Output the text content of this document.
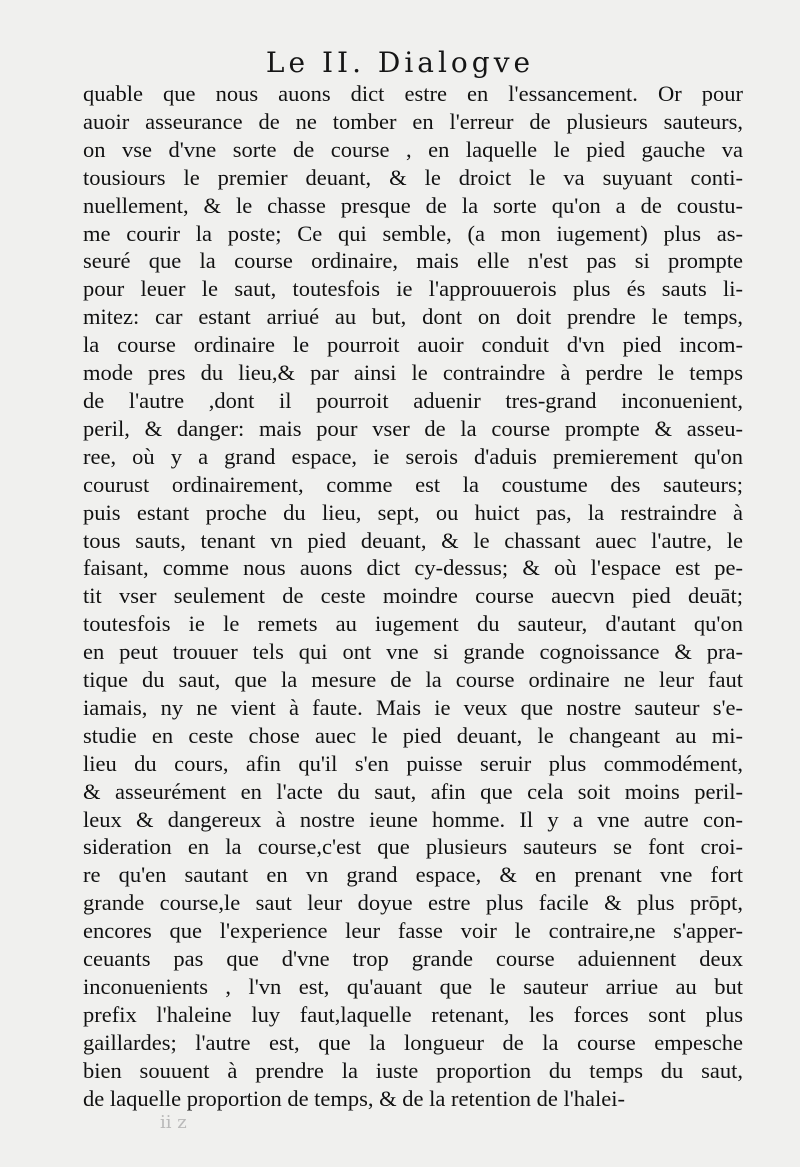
Le II. Dialogve
quable que nous auons dict estre en l'essancement. Or pour
auoir asseurance de ne tomber en l'erreur de plusieurs sauteurs,
on vse d'vne sorte de course , en laquelle le pied gauche va
tousiours le premier deuant, & le droict le va suyuant conti-
nuellement, & le chasse presque de la sorte qu'on a de coustu-
me courir la poste; Ce qui semble, (a mon iugement) plus as-
seuré que la course ordinaire, mais elle n'est pas si prompte
pour leuer le saut, toutesfois ie l'approuuerois plus és sauts li-
mitez: car estant arriué au but, dont on doit prendre le temps,
la course ordinaire le pourroit auoir conduit d'vn pied incom-
mode pres du lieu,& par ainsi le contraindre à perdre le temps
de l'autre ,dont il pourroit aduenir tres-grand inconuenient,
peril, & danger: mais pour vser de la course prompte & asseu-
ree, où y a grand espace, ie serois d'aduis premierement qu'on
courust ordinairement, comme est la coustume des sauteurs;
puis estant proche du lieu, sept, ou huict pas, la restraindre à
tous sauts, tenant vn pied deuant, & le chassant auec l'autre, le
faisant, comme nous auons dict cy-dessus; & où l'espace est pe-
tit vser seulement de ceste moindre course auecvn pied deuāt;
toutesfois ie le remets au iugement du sauteur, d'autant qu'on
en peut trouuer tels qui ont vne si grande cognoissance & pra-
tique du saut, que la mesure de la course ordinaire ne leur faut
iamais, ny ne vient à faute. Mais ie veux que nostre sauteur s'e-
studie en ceste chose auec le pied deuant, le changeant au mi-
lieu du cours, afin qu'il s'en puisse seruir plus commodément,
& asseurément en l'acte du saut, afin que cela soit moins peril-
leux & dangereux à nostre ieune homme. Il y a vne autre con-
sideration en la course,c'est que plusieurs sauteurs se font croi-
re qu'en sautant en vn grand espace, & en prenant vne fort
grande course,le saut leur doyue estre plus facile & plus prōpt,
encores que l'experience leur fasse voir le contraire,ne s'apper-
ceuants pas que d'vne trop grande course aduiennent deux
inconuenients , l'vn est, qu'auant que le sauteur arriue au but
prefix l'haleine luy faut,laquelle retenant, les forces sont plus
gaillardes; l'autre est, que la longueur de la course empesche
bien souuent à prendre la iuste proportion du temps du saut,
de laquelle proportion de temps, & de la retention de l'halei-
ii z
